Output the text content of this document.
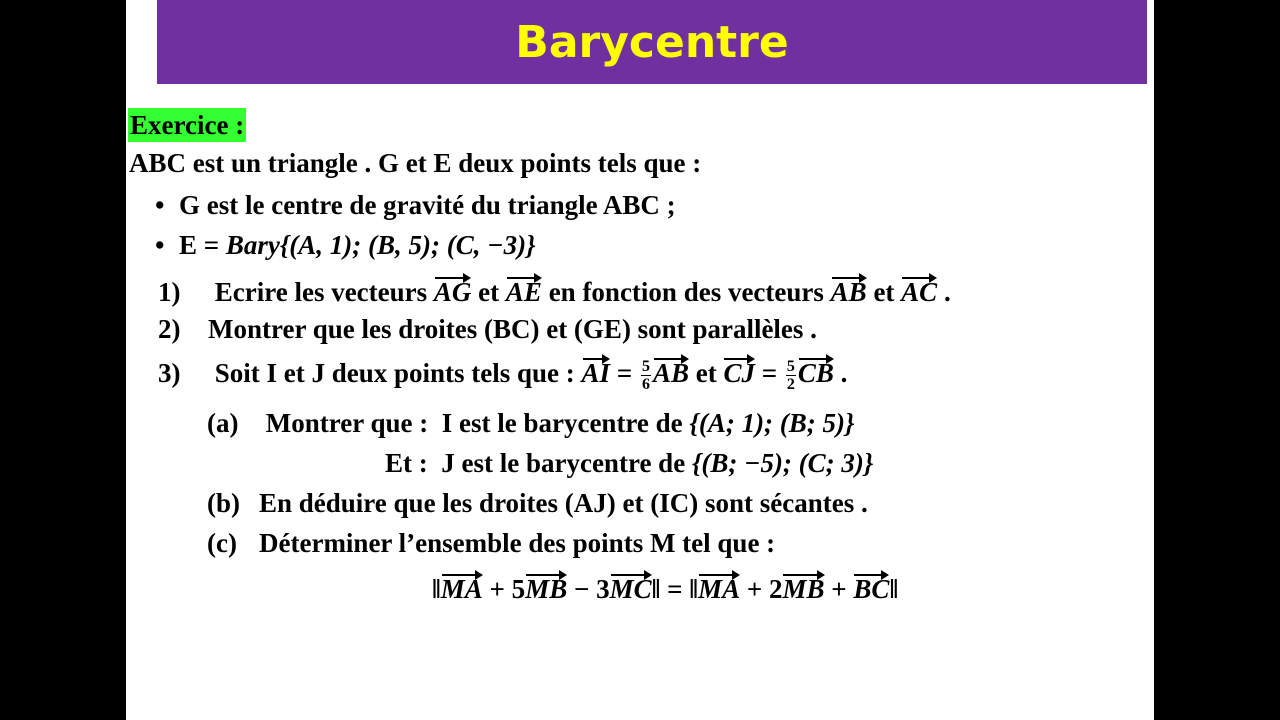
Barycentre
Exercice :
ABC est un triangle . G et E deux points tels que :
• G est le centre de gravité du triangle ABC ;
• E = Bary{(A, 1); (B, 5); (C, −3)}
1) Ecrire les vecteurs AG et AE en fonction des vecteurs AB et AC .
2) Montrer que les droites (BC) et (GE) sont parallèles .
3) Soit I et J deux points tels que : AI = $\frac{5}{6}$ AB et CJ = $\frac{5}{2}$ CB .
(a) Montrer que : I est le barycentre de {(A; 1); (B; 5)}
Et : J est le barycentre de {(B; −5); (C; 3)}
(b) En déduire que les droites (AJ) et (IC) sont sécantes .
(c) Déterminer l’ensemble des points M tel que :
‖MA + 5MB − 3MC‖ = ‖MA + 2MB + BC‖
